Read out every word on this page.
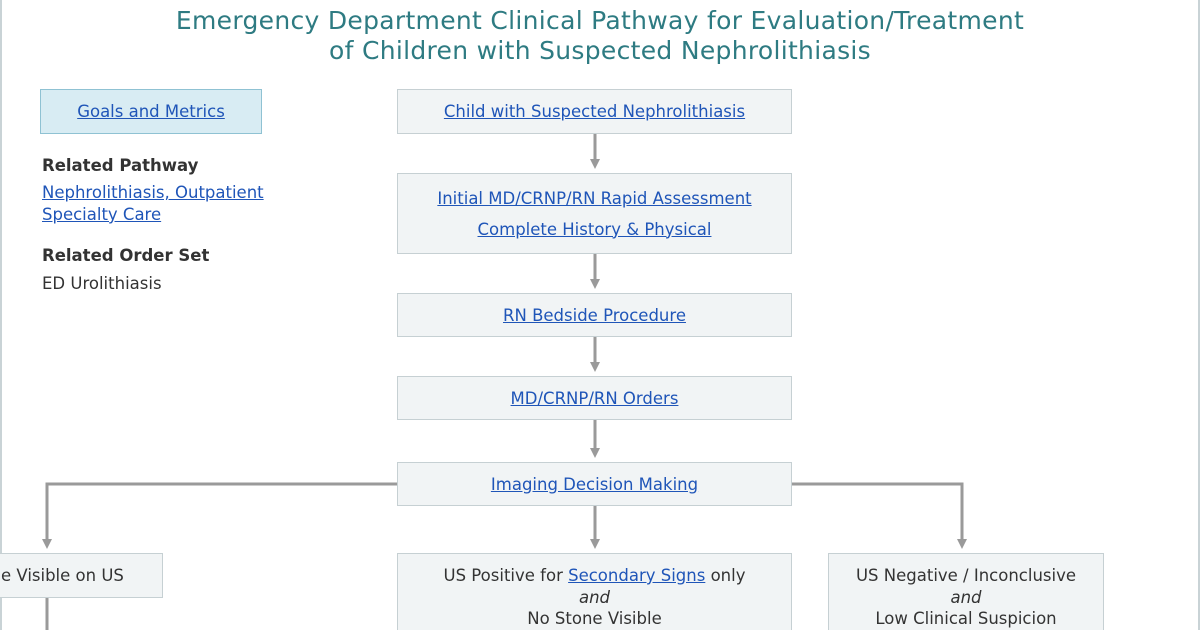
Emergency Department Clinical Pathway for Evaluation/Treatment
of Children with Suspected Nephrolithiasis
Goals and Metrics
Related Pathway
Nephrolithiasis, Outpatient
Specialty Care
Related Order Set
ED Urolithiasis
Child with Suspected Nephrolithiasis
Initial MD/CRNP/RN Rapid Assessment
Complete History & Physical
RN Bedside Procedure
MD/CRNP/RN Orders
Imaging Decision Making
e Visible on US	US Positive for Secondary Signs only
and
No Stone Visible
US Negative / Inconclusive
and
Low Clinical Suspicion
